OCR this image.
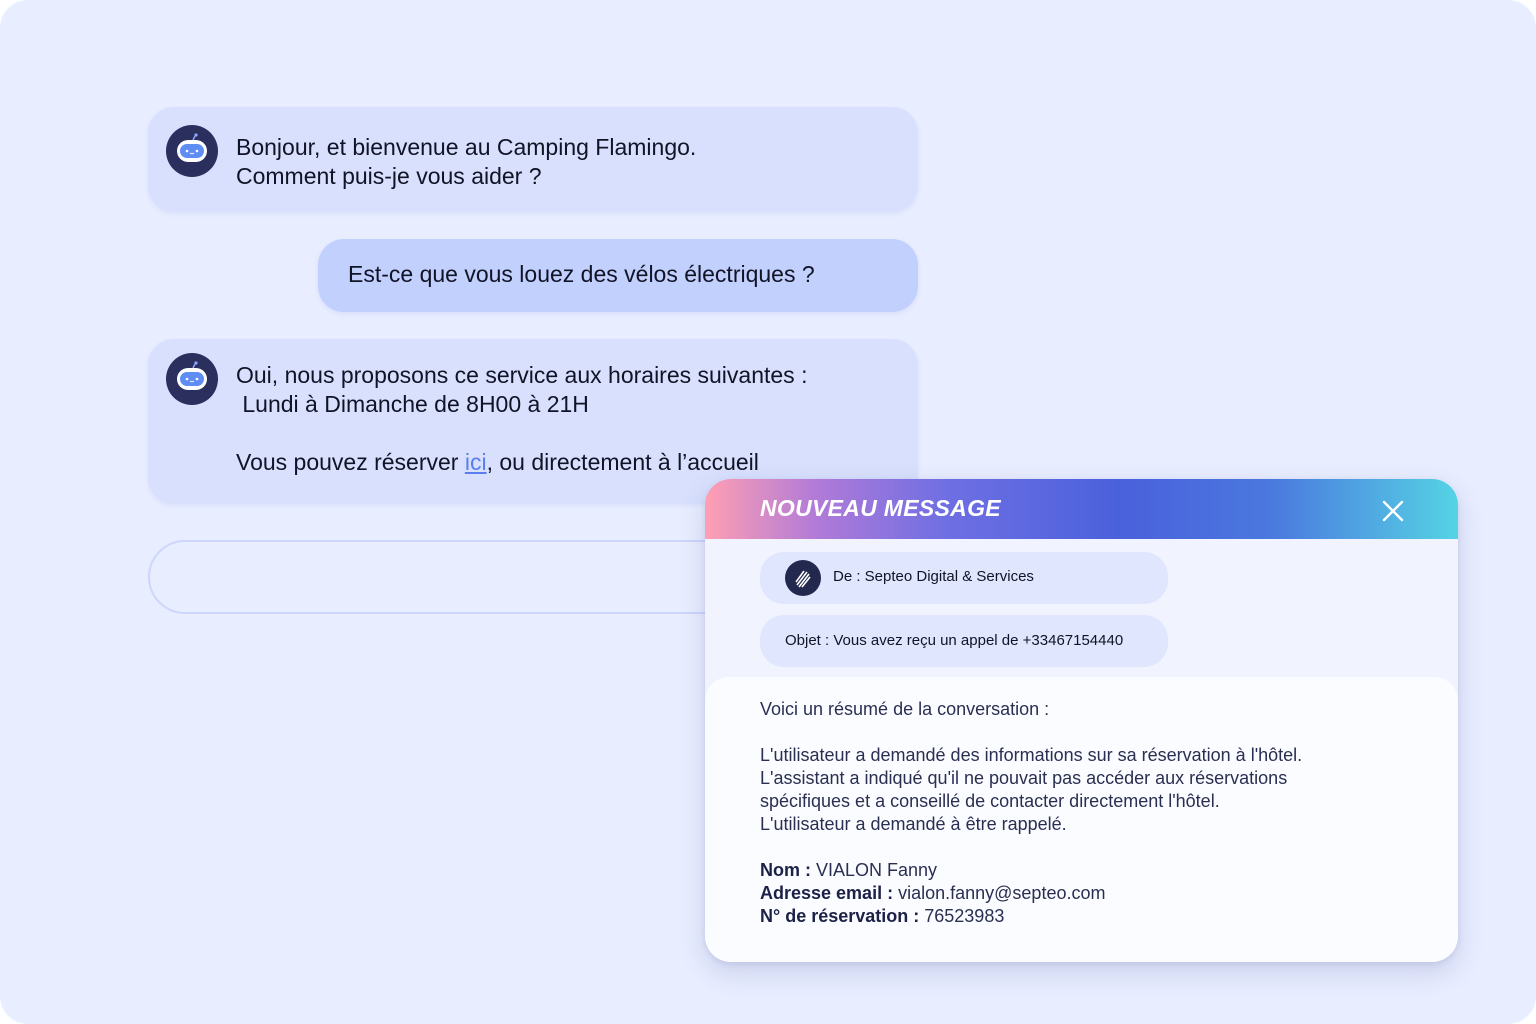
Bonjour, et bienvenue au Camping Flamingo.
Comment puis-je vous aider ?
Est-ce que vous louez des vélos électriques ?
Oui, nous proposons ce service aux horaires suivantes :
Lundi à Dimanche de 8H00 à 21H
Vous pouvez réserver ici, ou directement à l’accueil
NOUVEAU MESSAGE
De : Septeo Digital & Services
Objet : Vous avez reçu un appel de +33467154440
Voici un résumé de la conversation :
L'utilisateur a demandé des informations sur sa réservation à l'hôtel.
L'assistant a indiqué qu'il ne pouvait pas accéder aux réservations
spécifiques et a conseillé de contacter directement l'hôtel.
L'utilisateur a demandé à être rappelé.
Nom : VIALON Fanny
Adresse email : vialon.fanny@septeo.com
N° de réservation : 76523983
